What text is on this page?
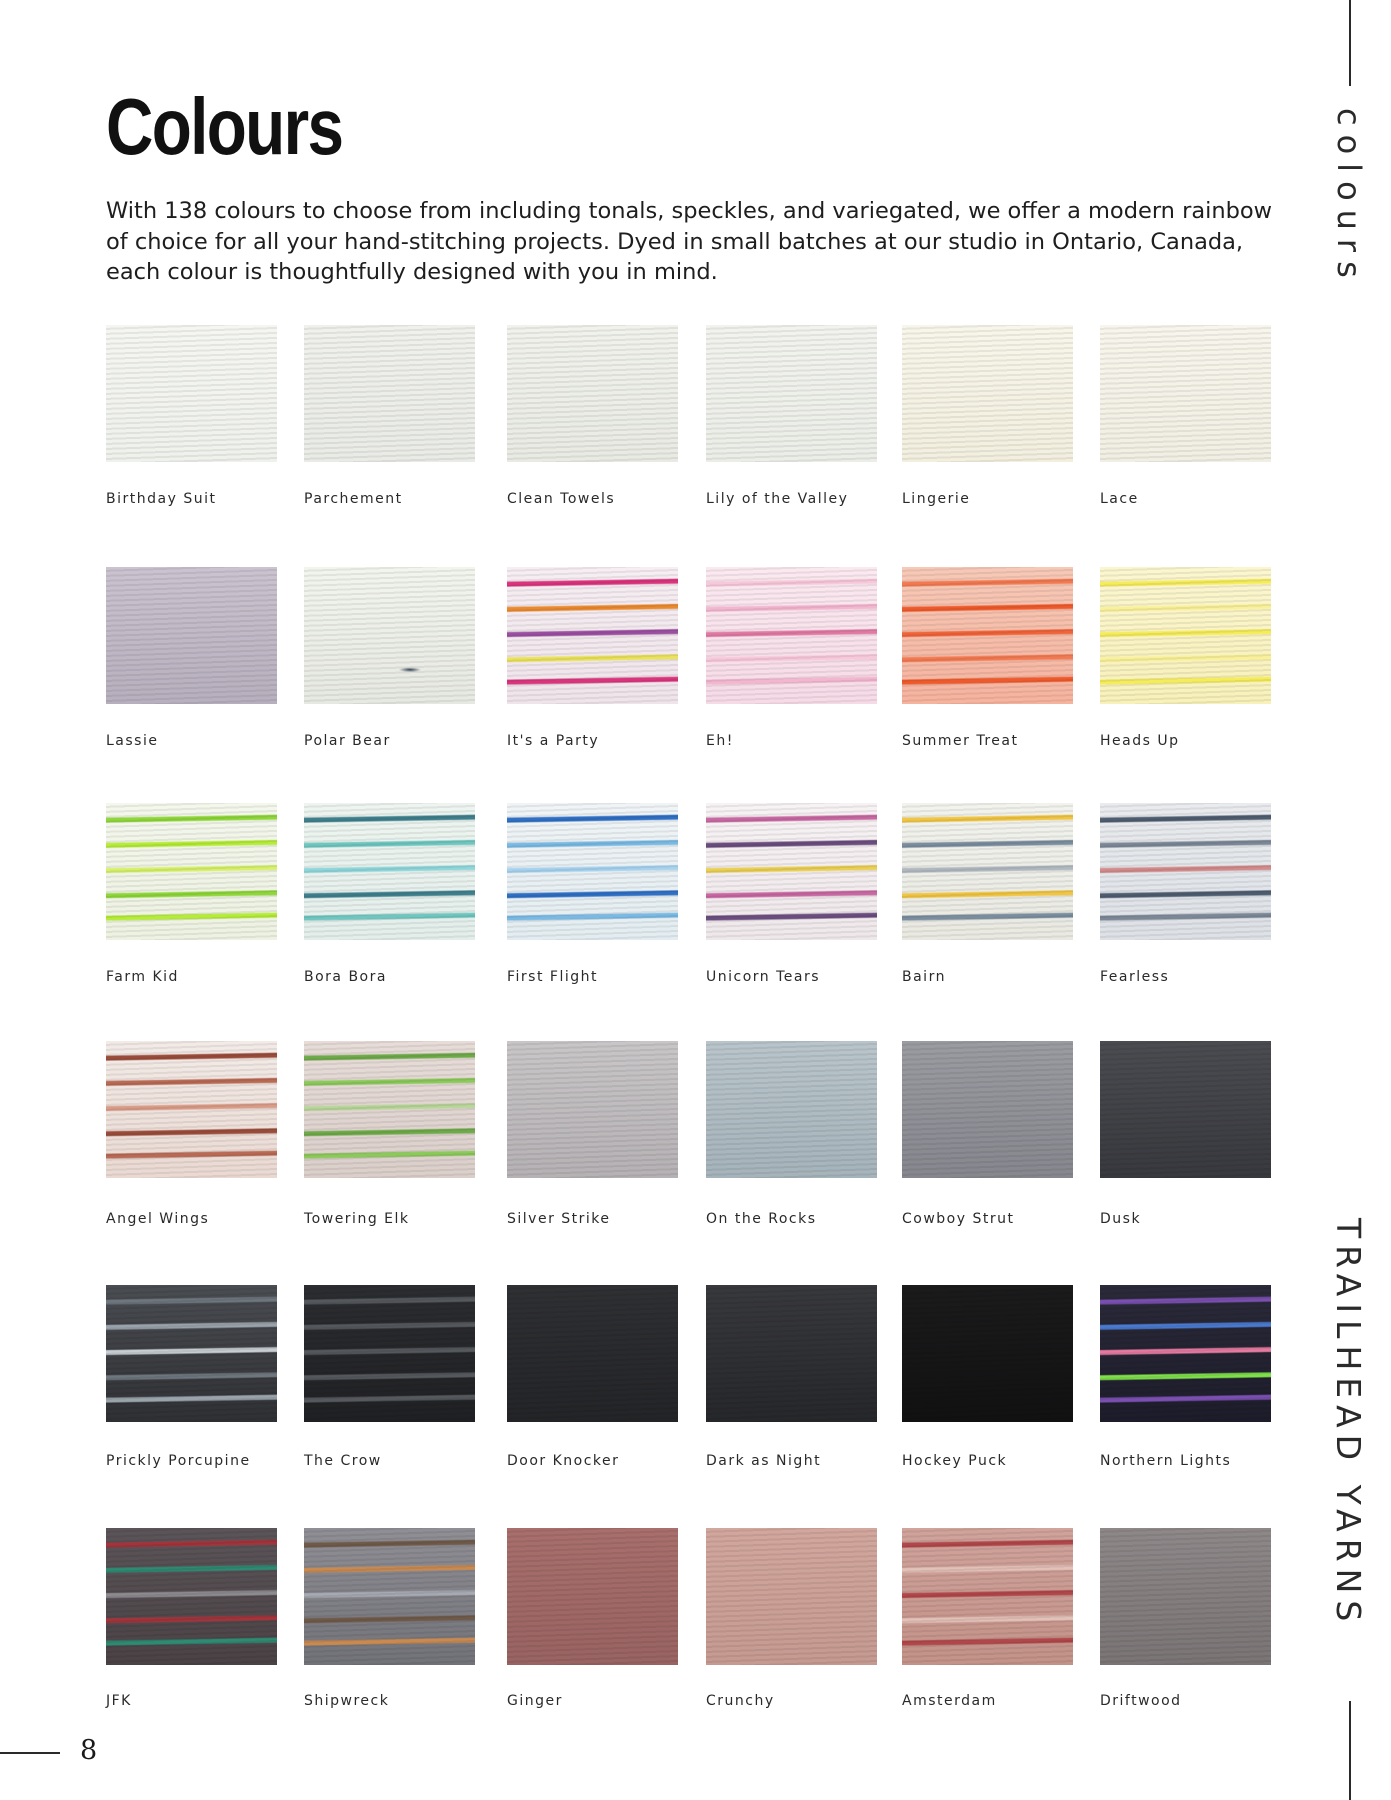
Colours

With 138 colours to choose from including tonals, speckles, and variegated, we offer a modern rainbow of choice for all your hand-stitching projects. Dyed in small batches at our studio in Ontario, Canada, each colour is thoughtfully designed with you in mind.

Birthday Suit	Parchement	Clean Towels	Lily of the Valley	Lingerie	Lace
Lassie	Polar Bear	It's a Party	Eh!	Summer Treat	Heads Up
Farm Kid	Bora Bora	First Flight	Unicorn Tears	Bairn	Fearless
Angel Wings	Towering Elk	Silver Strike	On the Rocks	Cowboy Strut	Dusk
Prickly Porcupine	The Crow	Door Knocker	Dark as Night	Hockey Puck	Northern Lights
JFK	Shipwreck	Ginger	Crunchy	Amsterdam	Driftwood
colours
TRAILHEAD YARNS
8
